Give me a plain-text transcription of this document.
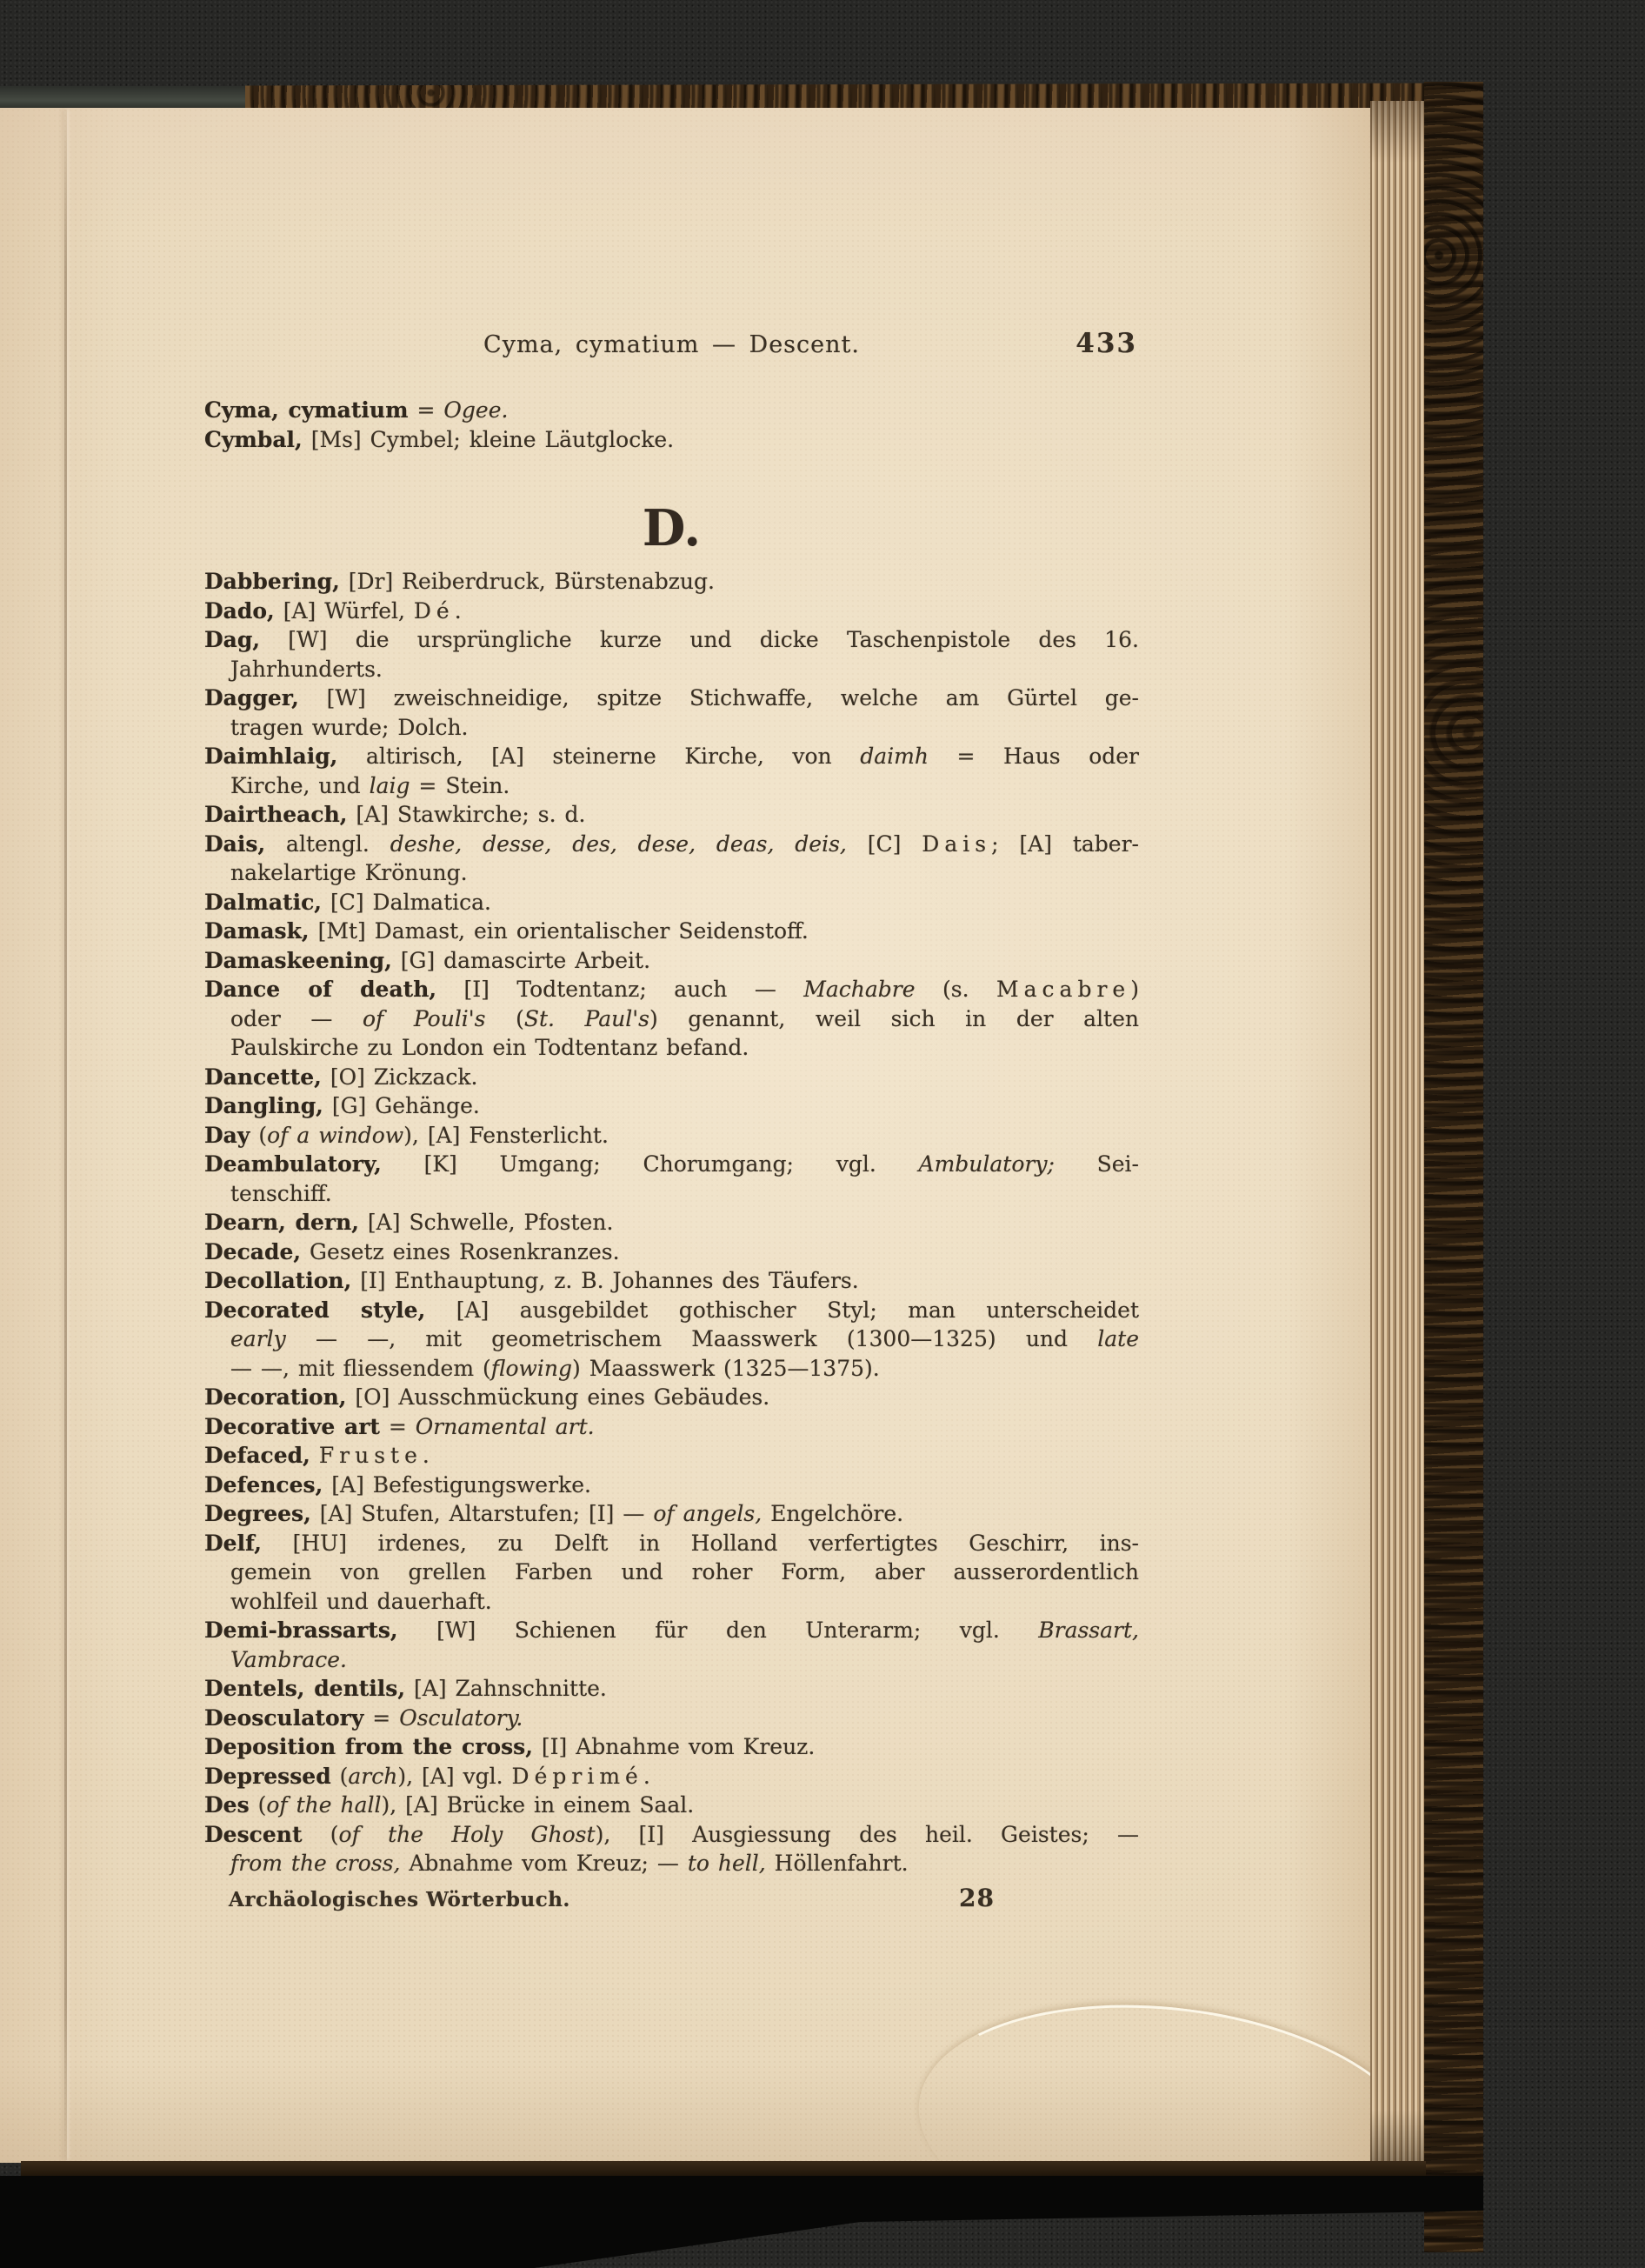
Cyma, cymatium — Descent.	433
Cyma, cymatium = Ogee.
Cymbal, [Ms] Cymbel; kleine Läutglocke.
D.
Dabbering, [Dr] Reiberdruck, Bürstenabzug.
Dado, [A] Würfel, Dé.
Dag, [W] die ursprüngliche kurze und dicke Taschenpistole des 16.
Jahrhunderts.
Dagger, [W] zweischneidige, spitze Stichwaffe, welche am Gürtel ge-
tragen wurde; Dolch.
Daimhlaig, altirisch, [A] steinerne Kirche, von daimh = Haus oder
Kirche, und laig = Stein.
Dairtheach, [A] Stawkirche; s. d.
Dais, altengl. deshe, desse, des, dese, deas, deis, [C] Dais; [A] taber-
nakelartige Krönung.
Dalmatic, [C] Dalmatica.
Damask, [Mt] Damast, ein orientalischer Seidenstoff.
Damaskeening, [G] damascirte Arbeit.
Dance of death, [I] Todtentanz; auch — Machabre (s. Macabre)
oder — of Pouli's (St. Paul's) genannt, weil sich in der alten
Paulskirche zu London ein Todtentanz befand.
Dancette, [O] Zickzack.
Dangling, [G] Gehänge.
Day (of a window), [A] Fensterlicht.
Deambulatory, [K] Umgang; Chorumgang; vgl. Ambulatory; Sei-
tenschiff.
Dearn, dern, [A] Schwelle, Pfosten.
Decade, Gesetz eines Rosenkranzes.
Decollation, [I] Enthauptung, z. B. Johannes des Täufers.
Decorated style, [A] ausgebildet gothischer Styl; man unterscheidet
early — —, mit geometrischem Maasswerk (1300—1325) und late
— —, mit fliessendem (flowing) Maasswerk (1325—1375).
Decoration, [O] Ausschmückung eines Gebäudes.
Decorative art = Ornamental art.
Defaced, Fruste.
Defences, [A] Befestigungswerke.
Degrees, [A] Stufen, Altarstufen; [I] — of angels, Engelchöre.
Delf, [HU] irdenes, zu Delft in Holland verfertigtes Geschirr, ins-
gemein von grellen Farben und roher Form, aber ausserordentlich
wohlfeil und dauerhaft.
Demi-brassarts, [W] Schienen für den Unterarm; vgl. Brassart,
Vambrace.
Dentels, dentils, [A] Zahnschnitte.
Deosculatory = Osculatory.
Deposition from the cross, [I] Abnahme vom Kreuz.
Depressed (arch), [A] vgl. Déprimé.
Des (of the hall), [A] Brücke in einem Saal.
Descent (of the Holy Ghost), [I] Ausgiessung des heil. Geistes; —
from the cross, Abnahme vom Kreuz; — to hell, Höllenfahrt.
Archäologisches Wörterbuch.	28
